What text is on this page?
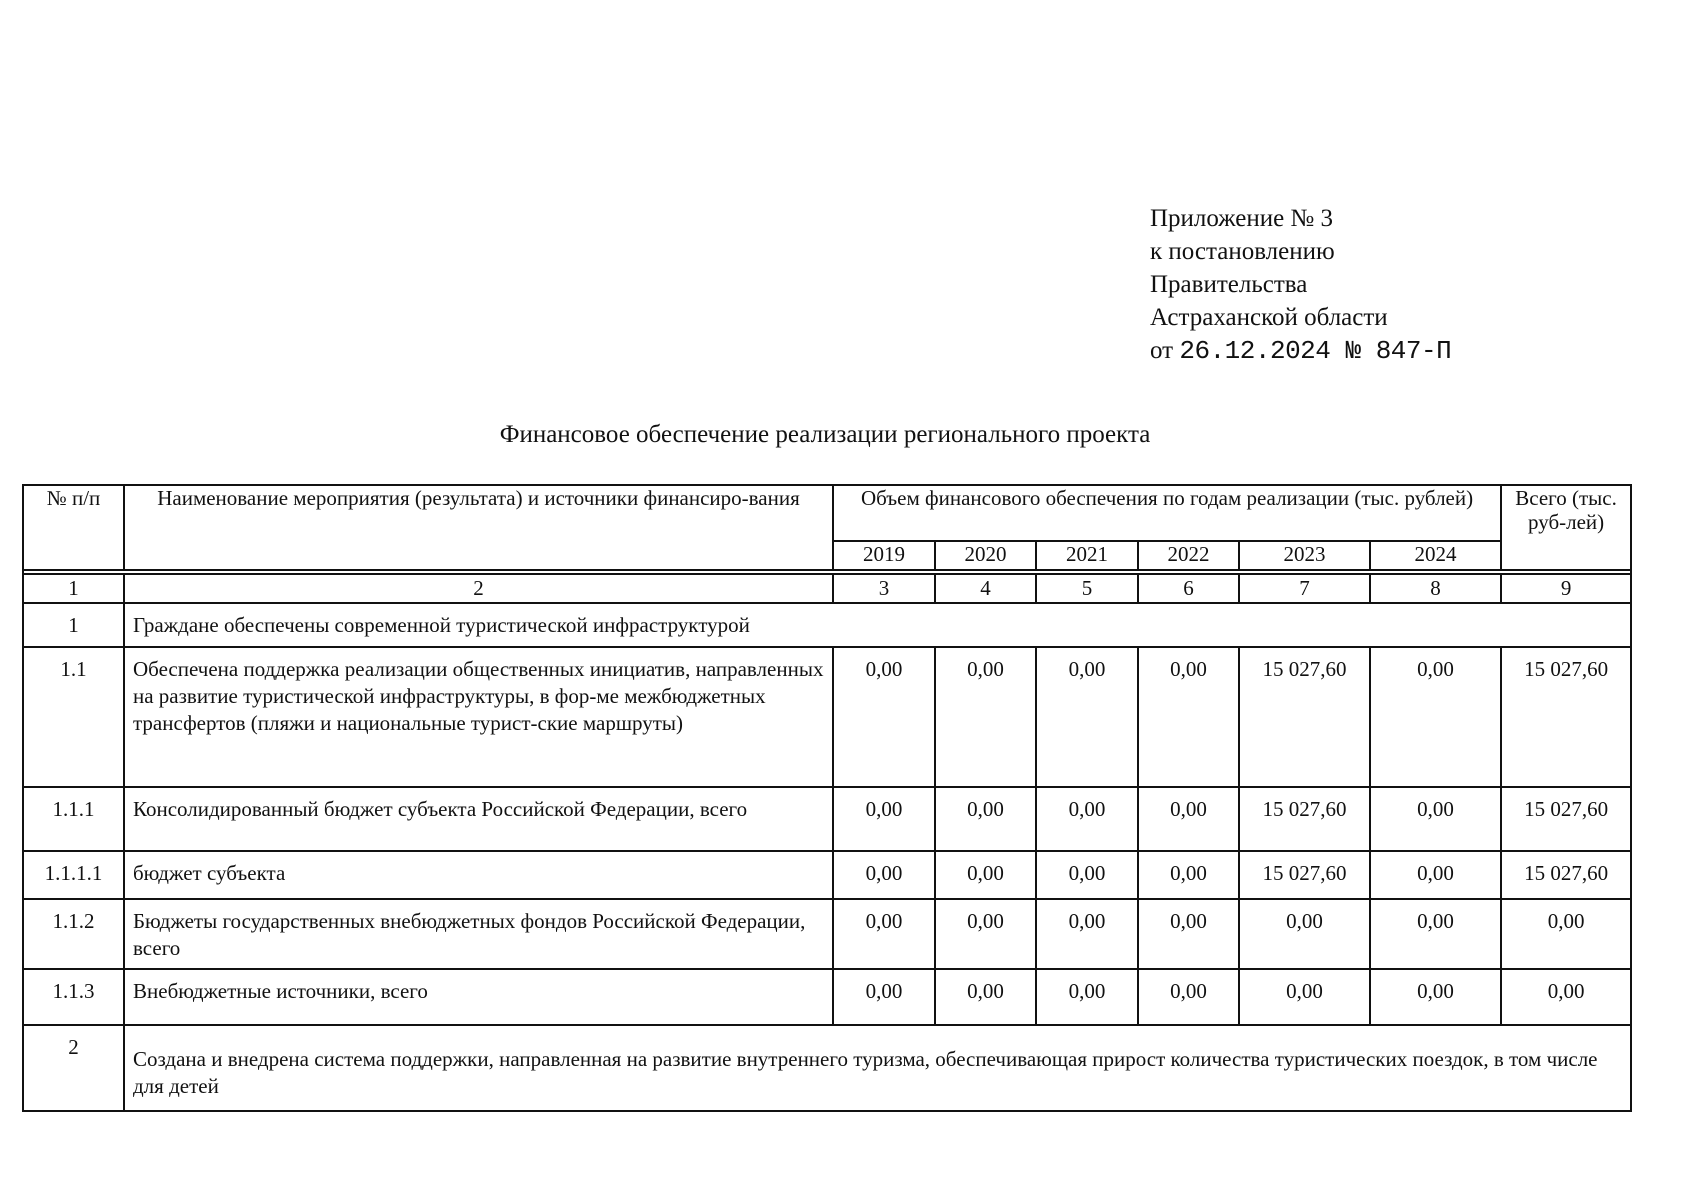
Приложение № 3
к постановлению
Правительства
Астраханской области
от 26.12.2024 № 847-П
Финансовое обеспечение реализации регионального проекта
№ п/п	Наименование мероприятия (результата) и источники финансиро-вания	Объем финансового обеспечения по годам реализации (тыс. рублей)						Всего (тыс. руб-лей)
		2019	2020	2021	2022	2023	2024	

1	2	3	4	5	6	7	8	9
1	Граждане обеспечены современной туристической инфраструктурой							
1.1	Обеспечена поддержка реализации общественных инициатив, направленных на развитие туристической инфраструктуры, в фор-ме межбюджетных трансфертов (пляжи и национальные турист-ские маршруты)	0,00	0,00	0,00	0,00	15 027,60	0,00	15 027,60
1.1.1	Консолидированный бюджет субъекта Российской Федерации, всего	0,00	0,00	0,00	0,00	15 027,60	0,00	15 027,60
1.1.1.1	бюджет субъекта	0,00	0,00	0,00	0,00	15 027,60	0,00	15 027,60
1.1.2	Бюджеты государственных внебюджетных фондов Российской Федерации, всего	0,00	0,00	0,00	0,00	0,00	0,00	0,00
1.1.3	Внебюджетные источники, всего	0,00	0,00	0,00	0,00	0,00	0,00	0,00
2	Создана и внедрена система поддержки, направленная на развитие внутреннего туризма, обеспечивающая прирост количества туристических поездок, в том числе для детей							
